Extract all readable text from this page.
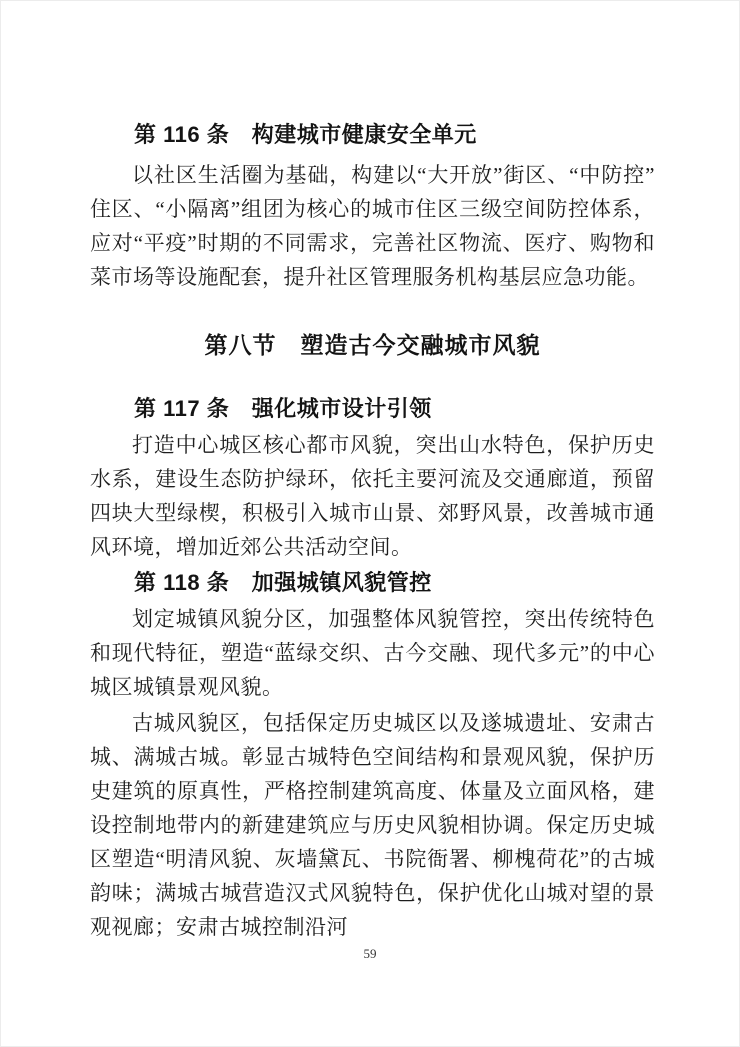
第 116 条　构建城市健康安全单元

以社区生活圈为基础，构建以“大开放”街区、“中防控”住区、“小隔离”组团为核心的城市住区三级空间防控体系，应对“平疫”时期的不同需求，完善社区物流、医疗、购物和菜市场等设施配套，提升社区管理服务机构基层应急功能。

第八节　塑造古今交融城市风貌
第 117 条　强化城市设计引领

打造中心城区核心都市风貌，突出山水特色，保护历史水系，建设生态防护绿环，依托主要河流及交通廊道，预留四块大型绿楔，积极引入城市山景、郊野风景，改善城市通风环境，增加近郊公共活动空间。

第 118 条　加强城镇风貌管控

划定城镇风貌分区，加强整体风貌管控，突出传统特色和现代特征，塑造“蓝绿交织、古今交融、现代多元”的中心城区城镇景观风貌。

古城风貌区，包括保定历史城区以及遂城遗址、安肃古城、满城古城。彰显古城特色空间结构和景观风貌，保护历史建筑的原真性，严格控制建筑高度、体量及立面风格，建设控制地带内的新建建筑应与历史风貌相协调。保定历史城区塑造“明清风貌、灰墙黛瓦、书院衙署、柳槐荷花”的古城韵味；满城古城营造汉式风貌特色，保护优化山城对望的景观视廊；安肃古城控制沿河

59
